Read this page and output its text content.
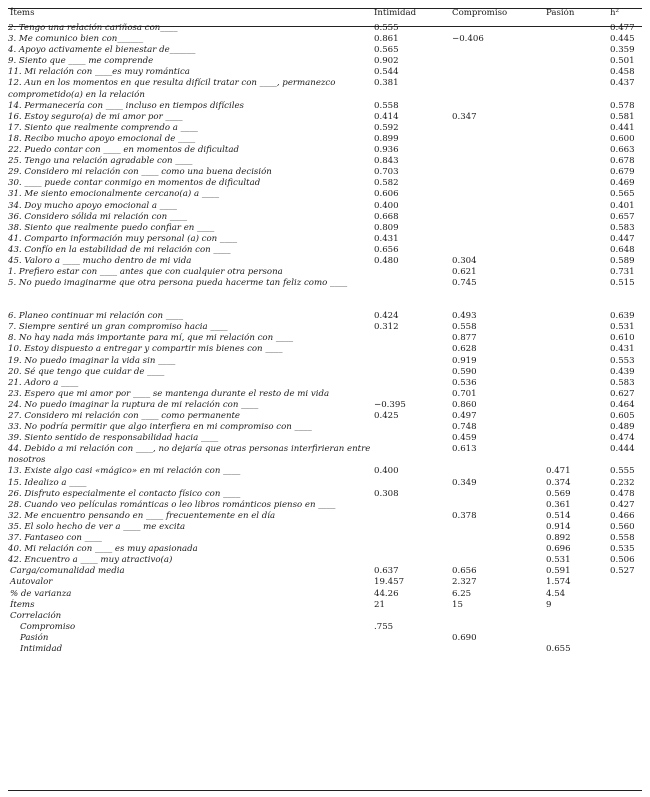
Ítems	Intimidad	Compromiso	Pasión	h²
2. Tengo una relación cariñosa con____	0.555			0.477
3. Me comunico bien con______	0.861	−0.406		0.445
4. Apoyo activamente el bienestar de______	0.565			0.359
9. Siento que ____ me comprende	0.902			0.501
11. Mi relación con ____es muy romántica	0.544			0.458
12. Aun en los momentos en que resulta difícil tratar con ____, permanezco comprometido(a) en la relación	0.381			0.437
14. Permanecería con ____ incluso en tiempos difíciles	0.558			0.578
16. Estoy seguro(a) de mi amor por ____	0.414	0.347		0.581
17. Siento que realmente comprendo a ____	0.592			0.441
18. Recibo mucho apoyo emocional de ____	0.899			0.600
22. Puedo contar con ____ en momentos de dificultad	0.936			0.663
25. Tengo una relación agradable con ____	0.843			0.678
29. Considero mi relación con ____ como una buena decisión	0.703			0.679
30. ____ puede contar conmigo en momentos de dificultad	0.582			0.469
31. Me siento emocionalmente cercano(a) a ____	0.606			0.565
34. Doy mucho apoyo emocional a ____	0.400			0.401
36. Considero sólida mi relación con ____	0.668			0.657
38. Siento que realmente puedo confiar en ____	0.809			0.583
41. Comparto información muy personal (a) con ____	0.431			0.447
43. Confío en la estabilidad de mi relación con ____	0.656			0.648
45. Valoro a ____ mucho dentro de mi vida	0.480	0.304		0.589
1. Prefiero estar con ____ antes que con cualquier otra persona		0.621		0.731
5. No puedo imaginarme que otra persona pueda hacerme tan feliz como ____		0.745		0.515
6. Planeo continuar mi relación con ____	0.424	0.493		0.639
7. Siempre sentiré un gran compromiso hacia ____	0.312	0.558		0.531
8. No hay nada más importante para mí, que mi relación con ____		0.877		0.610
10. Estoy dispuesto a entregar y compartir mis bienes con ____		0.628		0.431
19. No puedo imaginar la vida sin ____		0.919		0.553
20. Sé que tengo que cuidar de ____		0.590		0.439
21. Adoro a ____		0.536		0.583
23. Espero que mi amor por ____ se mantenga durante el resto de mi vida		0.701		0.627
24. No puedo imaginar la ruptura de mi relación con ____	−0.395	0.860		0.464
27. Considero mi relación con ____ como permanente	0.425	0.497		0.605
33. No podría permitir que algo interfiera en mi compromiso con ____		0.748		0.489
39. Siento sentido de responsabilidad hacia ____		0.459		0.474
44. Debido a mi relación con ____, no dejaría que otras personas interfirieran entre nosotros		0.613		0.444
13. Existe algo casi «mágico» en mi relación con ____	0.400		0.471	0.555
15. Idealizo a ____		0.349	0.374	0.232
26. Disfruto especialmente el contacto físico con ____	0.308		0.569	0.478
28. Cuando veo películas románticas o leo libros románticos pienso en ____			0.361	0.427
32. Me encuentro pensando en ____ frecuentemente en el día		0.378	0.514	0.466
35. El solo hecho de ver a ____ me excita			0.914	0.560
37. Fantaseo con ____			0.892	0.558
40. Mi relación con ____ es muy apasionada			0.696	0.535
42. Encuentro a ____ muy atractivo(a)			0.531	0.506
Carga/comunalidad media	0.637	0.656	0.591	0.527
Autovalor	19.457	2.327	1.574	
% de varianza	44.26	6.25	4.54	
Ítems	21	15	9	
Correlación				
Compromiso	.755			
Pasión		0.690		
Intimidad			0.655	
